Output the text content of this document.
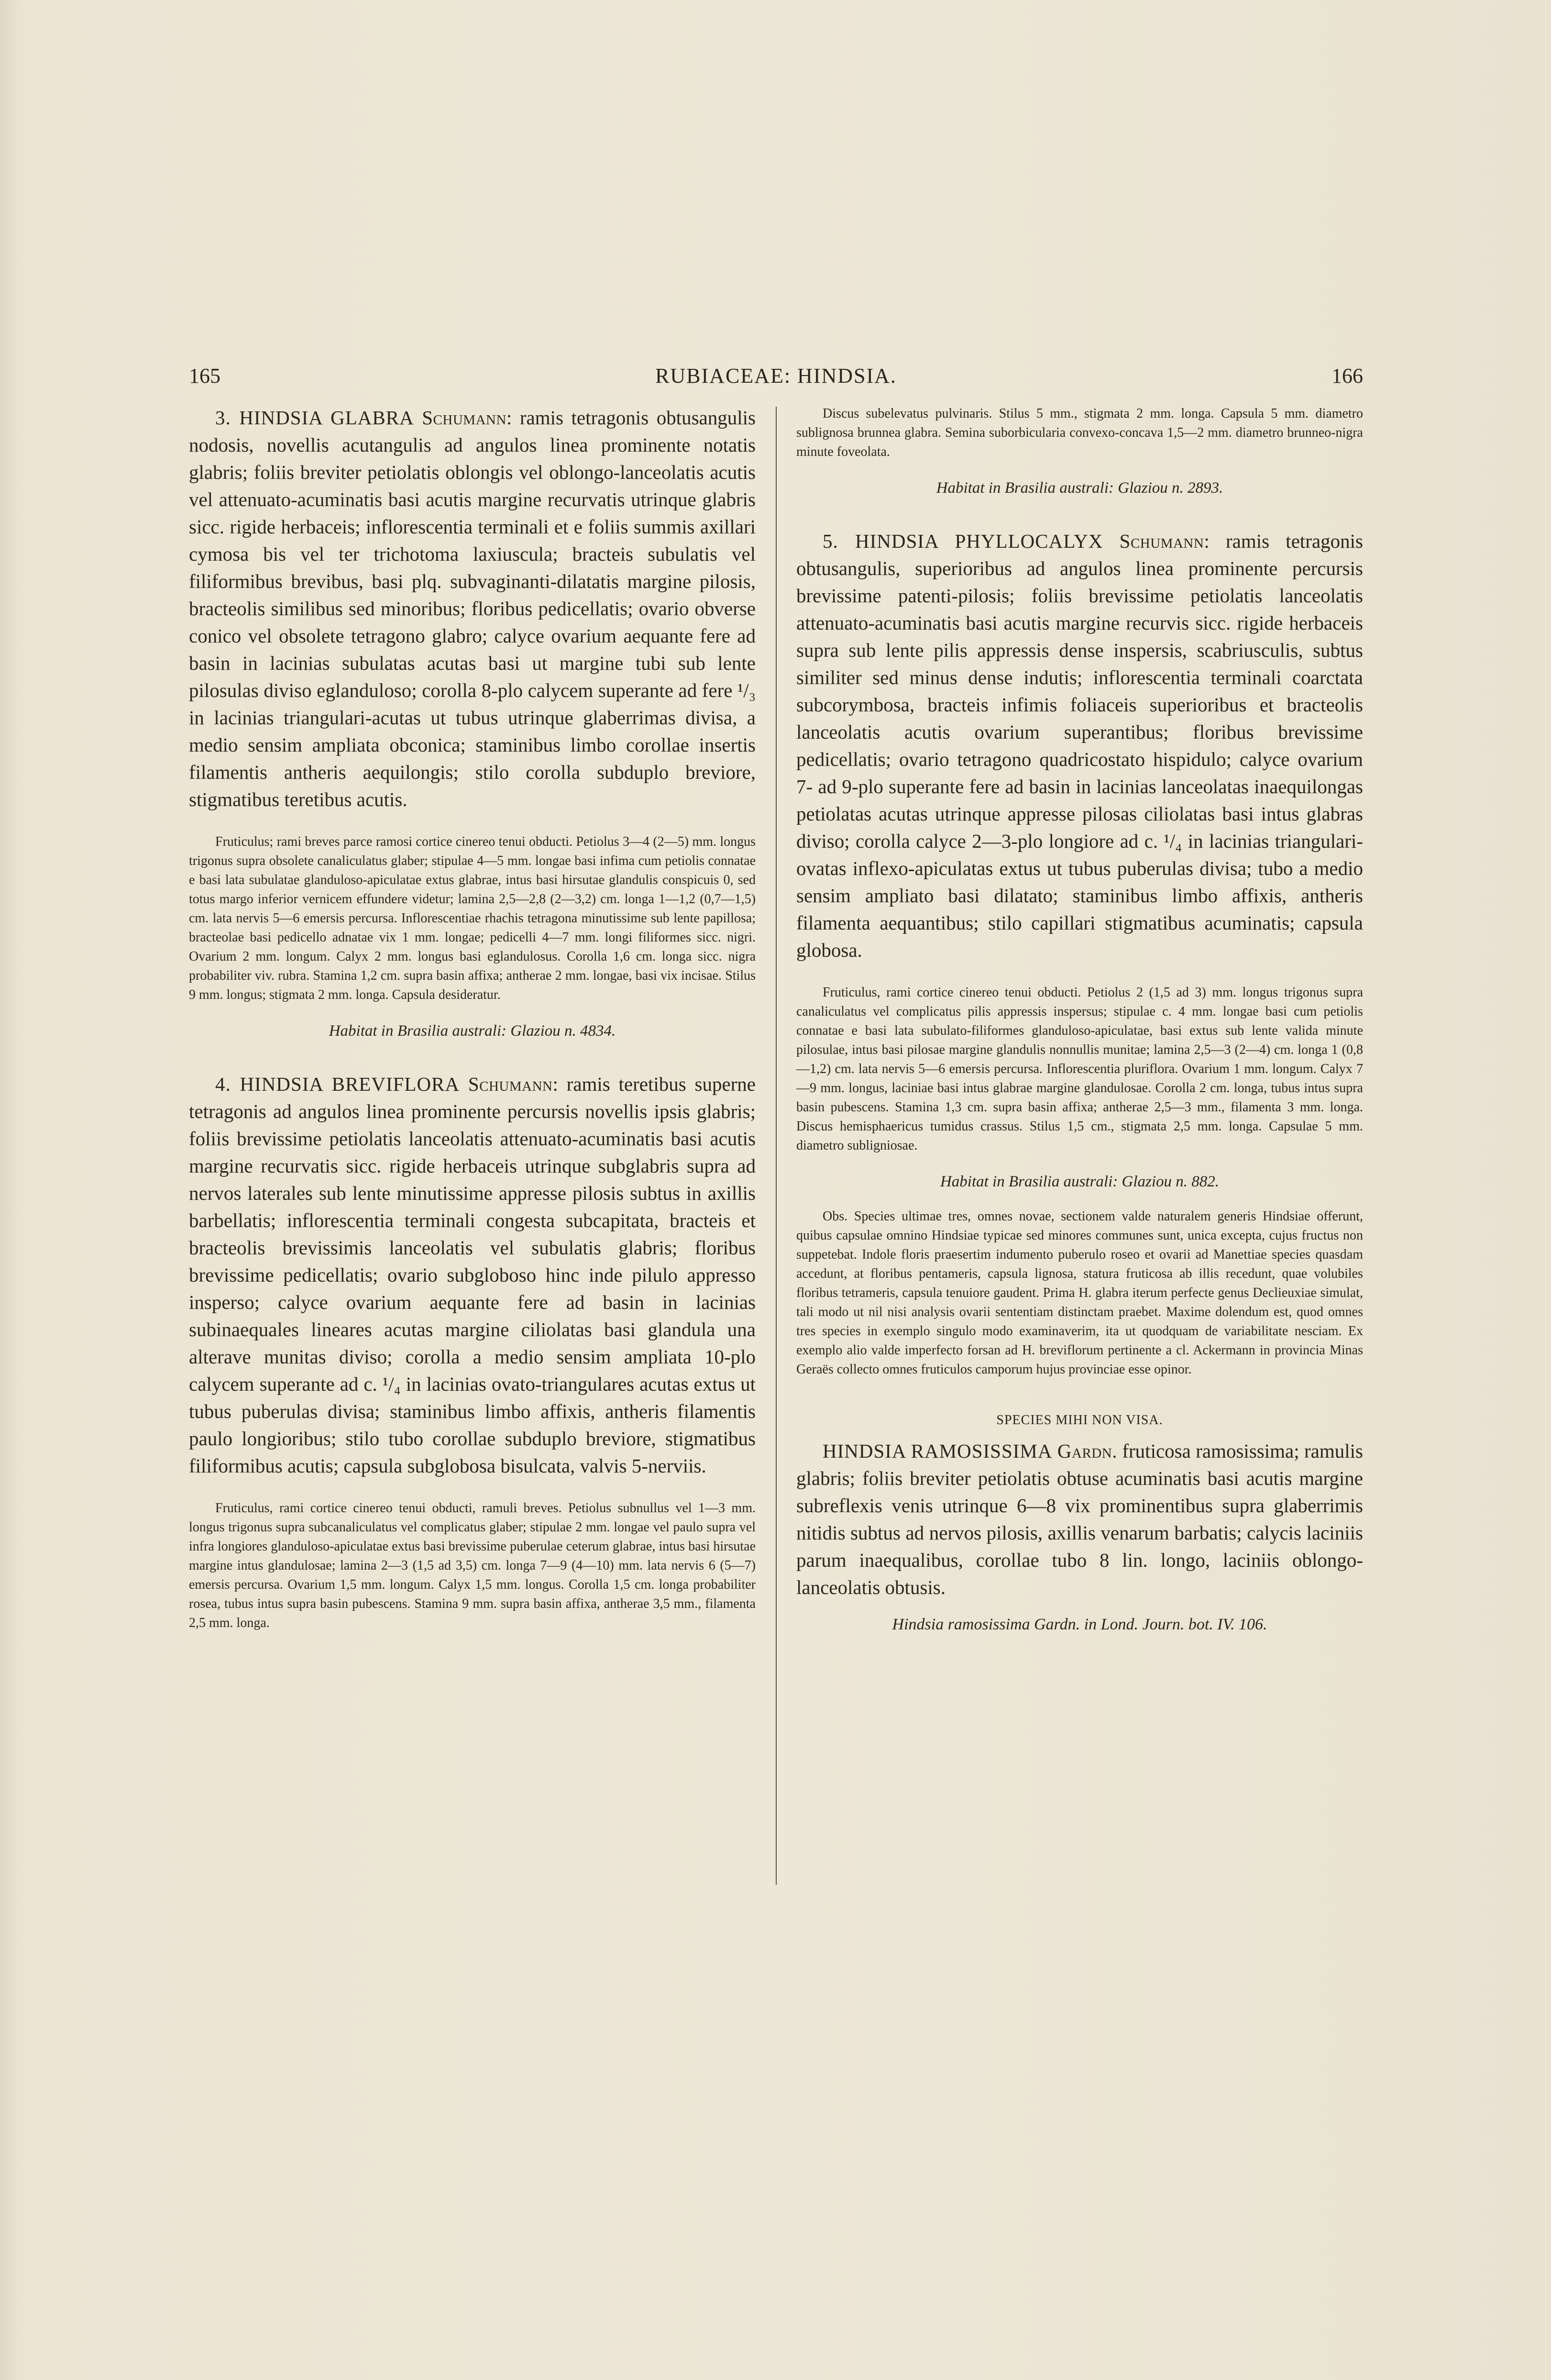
165	RUBIACEAE: HINDSIA.	166

3. HINDSIA GLABRA Schumann: ramis tetragonis obtusangulis nodosis, novellis acutangulis ad angulos linea prominente notatis glabris; foliis breviter petiolatis oblongis vel oblongo-lanceolatis acutis vel attenuato-acuminatis basi acutis margine recurvatis utrinque glabris sicc. rigide herbaceis; inflorescentia terminali et e foliis summis axillari cymosa bis vel ter trichotoma laxiuscula; bracteis subulatis vel filiformibus brevibus, basi plq. subvaginanti-dilatatis margine pilosis, bracteolis similibus sed minoribus; floribus pedicellatis; ovario obverse conico vel obsolete tetragono glabro; calyce ovarium aequante fere ad basin in lacinias subulatas acutas basi ut margine tubi sub lente pilosulas diviso eglanduloso; corolla 8-plo calycem superante ad fere ¹/₃ in lacinias triangulari-acutas ut tubus utrinque glaberrimas divisa, a medio sensim ampliata obconica; staminibus limbo corollae insertis filamentis antheris aequilongis; stilo corolla subduplo breviore, stigmatibus teretibus acutis.

Fruticulus; rami breves parce ramosi cortice cinereo tenui obducti. Petiolus 3—4 (2—5) mm. longus trigonus supra obsolete canaliculatus glaber; stipulae 4—5 mm. longae basi infima cum petiolis connatae e basi lata subulatae glanduloso-apiculatae extus glabrae, intus basi hirsutae glandulis conspicuis 0, sed totus margo inferior vernicem effundere videtur; lamina 2,5—2,8 (2—3,2) cm. longa 1—1,2 (0,7—1,5) cm. lata nervis 5—6 emersis percursa. Inflorescentiae rhachis tetragona minutissime sub lente papillosa; bracteolae basi pedicello adnatae vix 1 mm. longae; pedicelli 4—7 mm. longi filiformes sicc. nigri. Ovarium 2 mm. longum. Calyx 2 mm. longus basi eglandulosus. Corolla 1,6 cm. longa sicc. nigra probabiliter viv. rubra. Stamina 1,2 cm. supra basin affixa; antherae 2 mm. longae, basi vix incisae. Stilus 9 mm. longus; stigmata 2 mm. longa. Capsula desideratur.

Habitat in Brasilia australi: Glaziou n. 4834.

4. HINDSIA BREVIFLORA Schumann: ramis teretibus superne tetragonis ad angulos linea prominente percursis novellis ipsis glabris; foliis brevissime petiolatis lanceolatis attenuato-acuminatis basi acutis margine recurvatis sicc. rigide herbaceis utrinque subglabris supra ad nervos laterales sub lente minutissime appresse pilosis subtus in axillis barbellatis; inflorescentia terminali congesta subcapitata, bracteis et bracteolis brevissimis lanceolatis vel subulatis glabris; floribus brevissime pedicellatis; ovario subgloboso hinc inde pilulo appresso insperso; calyce ovarium aequante fere ad basin in lacinias subinaequales lineares acutas margine ciliolatas basi glandula una alterave munitas diviso; corolla a medio sensim ampliata 10-plo calycem superante ad c. ¹/₄ in lacinias ovato-triangulares acutas extus ut tubus puberulas divisa; staminibus limbo affixis, antheris filamentis paulo longioribus; stilo tubo corollae subduplo breviore, stigmatibus filiformibus acutis; capsula subglobosa bisulcata, valvis 5-nerviis.

Fruticulus, rami cortice cinereo tenui obducti, ramuli breves. Petiolus subnullus vel 1—3 mm. longus trigonus supra subcanaliculatus vel complicatus glaber; stipulae 2 mm. longae vel paulo supra vel infra longiores glanduloso-apiculatae extus basi brevissime puberulae ceterum glabrae, intus basi hirsutae margine intus glandulosae; lamina 2—3 (1,5 ad 3,5) cm. longa 7—9 (4—10) mm. lata nervis 6 (5—7) emersis percursa. Ovarium 1,5 mm. longum. Calyx 1,5 mm. longus. Corolla 1,5 cm. longa probabiliter rosea, tubus intus supra basin pubescens. Stamina 9 mm. supra basin affixa, antherae 3,5 mm., filamenta 2,5 mm. longa.

Discus subelevatus pulvinaris. Stilus 5 mm., stigmata 2 mm. longa. Capsula 5 mm. diametro sublignosa brunnea glabra. Semina suborbicularia convexo-concava 1,5—2 mm. diametro brunneo-nigra minute foveolata.

Habitat in Brasilia australi: Glaziou n. 2893.

5. HINDSIA PHYLLOCALYX Schumann: ramis tetragonis obtusangulis, superioribus ad angulos linea prominente percursis brevissime patenti-pilosis; foliis brevissime petiolatis lanceolatis attenuato-acuminatis basi acutis margine recurvis sicc. rigide herbaceis supra sub lente pilis appressis dense inspersis, scabriusculis, subtus similiter sed minus dense indutis; inflorescentia terminali coarctata subcorymbosa, bracteis infimis foliaceis superioribus et bracteolis lanceolatis acutis ovarium superantibus; floribus brevissime pedicellatis; ovario tetragono quadricostato hispidulo; calyce ovarium 7- ad 9-plo superante fere ad basin in lacinias lanceolatas inaequilongas petiolatas acutas utrinque appresse pilosas ciliolatas basi intus glabras diviso; corolla calyce 2—3-plo longiore ad c. ¹/₄ in lacinias triangulari-ovatas inflexo-apiculatas extus ut tubus puberulas divisa; tubo a medio sensim ampliato basi dilatato; staminibus limbo affixis, antheris filamenta aequantibus; stilo capillari stigmatibus acuminatis; capsula globosa.

Fruticulus, rami cortice cinereo tenui obducti. Petiolus 2 (1,5 ad 3) mm. longus trigonus supra canaliculatus vel complicatus pilis appressis inspersus; stipulae c. 4 mm. longae basi cum petiolis connatae e basi lata subulato-filiformes glanduloso-apiculatae, basi extus sub lente valida minute pilosulae, intus basi pilosae margine glandulis nonnullis munitae; lamina 2,5—3 (2—4) cm. longa 1 (0,8—1,2) cm. lata nervis 5—6 emersis percursa. Inflorescentia pluriflora. Ovarium 1 mm. longum. Calyx 7—9 mm. longus, laciniae basi intus glabrae margine glandulosae. Corolla 2 cm. longa, tubus intus supra basin pubescens. Stamina 1,3 cm. supra basin affixa; antherae 2,5—3 mm., filamenta 3 mm. longa. Discus hemisphaericus tumidus crassus. Stilus 1,5 cm., stigmata 2,5 mm. longa. Capsulae 5 mm. diametro subligniosae.

Habitat in Brasilia australi: Glaziou n. 882.

Obs. Species ultimae tres, omnes novae, sectionem valde naturalem generis Hindsiae offerunt, quibus capsulae omnino Hindsiae typicae sed minores communes sunt, unica excepta, cujus fructus non suppetebat. Indole floris praesertim indumento puberulo roseo et ovarii ad Manettiae species quasdam accedunt, at floribus pentameris, capsula lignosa, statura fruticosa ab illis recedunt, quae volubiles floribus tetrameris, capsula tenuiore gaudent. Prima H. glabra iterum perfecte genus Declieuxiae simulat, tali modo ut nil nisi analysis ovarii sententiam distinctam praebet. Maxime dolendum est, quod omnes tres species in exemplo singulo modo examinaverim, ita ut quodquam de variabilitate nesciam. Ex exemplo alio valde imperfecto forsan ad H. breviflorum pertinente a cl. Ackermann in provincia Minas Geraës collecto omnes fruticulos camporum hujus provinciae esse opinor.

SPECIES MIHI NON VISA.

HINDSIA RAMOSISSIMA Gardn. fruticosa ramosissima; ramulis glabris; foliis breviter petiolatis obtuse acuminatis basi acutis margine subreflexis venis utrinque 6—8 vix prominentibus supra glaberrimis nitidis subtus ad nervos pilosis, axillis venarum barbatis; calycis laciniis parum inaequalibus, corollae tubo 8 lin. longo, laciniis oblongo-lanceolatis obtusis.

Hindsia ramosissima Gardn. in Lond. Journ. bot. IV. 106.
